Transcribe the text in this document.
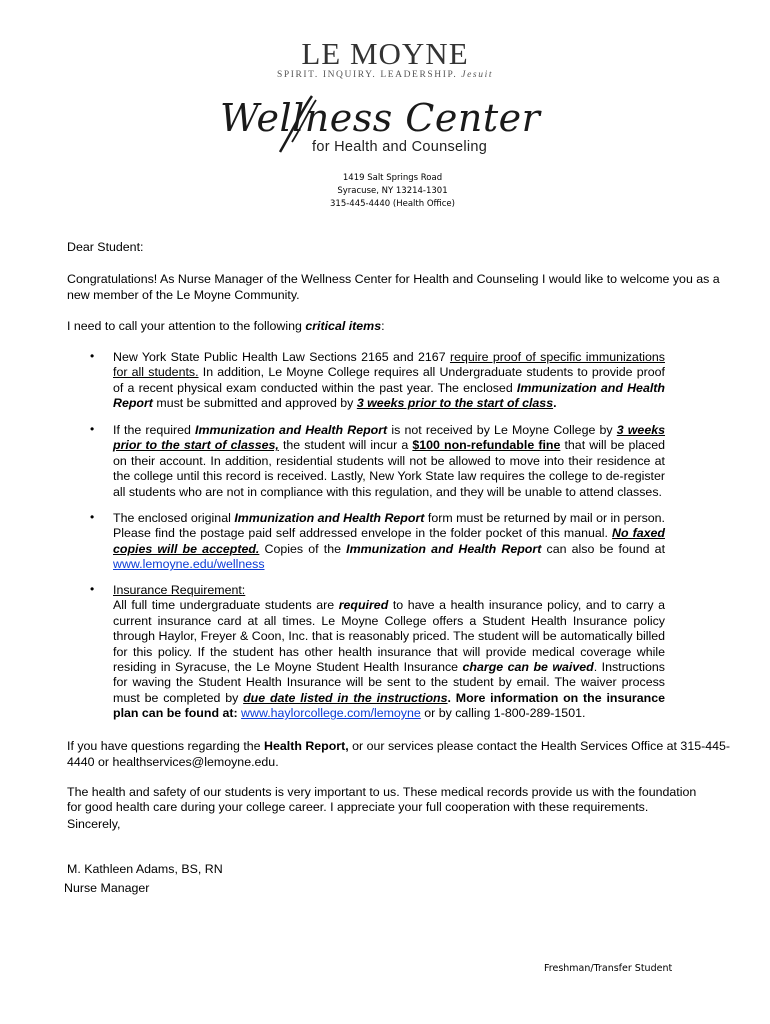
LE MOYNE
SPIRIT. INQUIRY. LEADERSHIP. Jesuit
Wellness Center
for Health and Counseling
1419 Salt Springs Road
Syracuse, NY 13214-1301
315-445-4440 (Health Office)
Dear Student:
Congratulations! As Nurse Manager of the Wellness Center for Health and Counseling I would like to welcome you as a new member of the Le Moyne Community.
I need to call your attention to the following critical items:
• New York State Public Health Law Sections 2165 and 2167 require proof of specific immunizations for all students. In addition, Le Moyne College requires all Undergraduate students to provide proof of a recent physical exam conducted within the past year. The enclosed Immunization and Health Report must be submitted and approved by 3 weeks prior to the start of class.
• If the required Immunization and Health Report is not received by Le Moyne College by 3 weeks prior to the start of classes, the student will incur a $100 non-refundable fine that will be placed on their account. In addition, residential students will not be allowed to move into their residence at the college until this record is received. Lastly, New York State law requires the college to de-register all students who are not in compliance with this regulation, and they will be unable to attend classes.
• The enclosed original Immunization and Health Report form must be returned by mail or in person. Please find the postage paid self addressed envelope in the folder pocket of this manual. No faxed copies will be accepted. Copies of the Immunization and Health Report can also be found at www.lemoyne.edu/wellness
• Insurance Requirement:
All full time undergraduate students are required to have a health insurance policy, and to carry a current insurance card at all times. Le Moyne College offers a Student Health Insurance policy through Haylor, Freyer & Coon, Inc. that is reasonably priced. The student will be automatically billed for this policy. If the student has other health insurance that will provide medical coverage while residing in Syracuse, the Le Moyne Student Health Insurance charge can be waived. Instructions for waving the Student Health Insurance will be sent to the student by email. The waiver process must be completed by due date listed in the instructions. More information on the insurance plan can be found at: www.haylorcollege.com/lemoyne or by calling 1-800-289-1501.
If you have questions regarding the Health Report, or our services please contact the Health Services Office at 315-445-4440 or healthservices@lemoyne.edu.
The health and safety of our students is very important to us. These medical records provide us with the foundation for good health care during your college career. I appreciate your full cooperation with these requirements.
Sincerely,
M. Kathleen Adams, BS, RN
Nurse Manager
Freshman/Transfer Student
